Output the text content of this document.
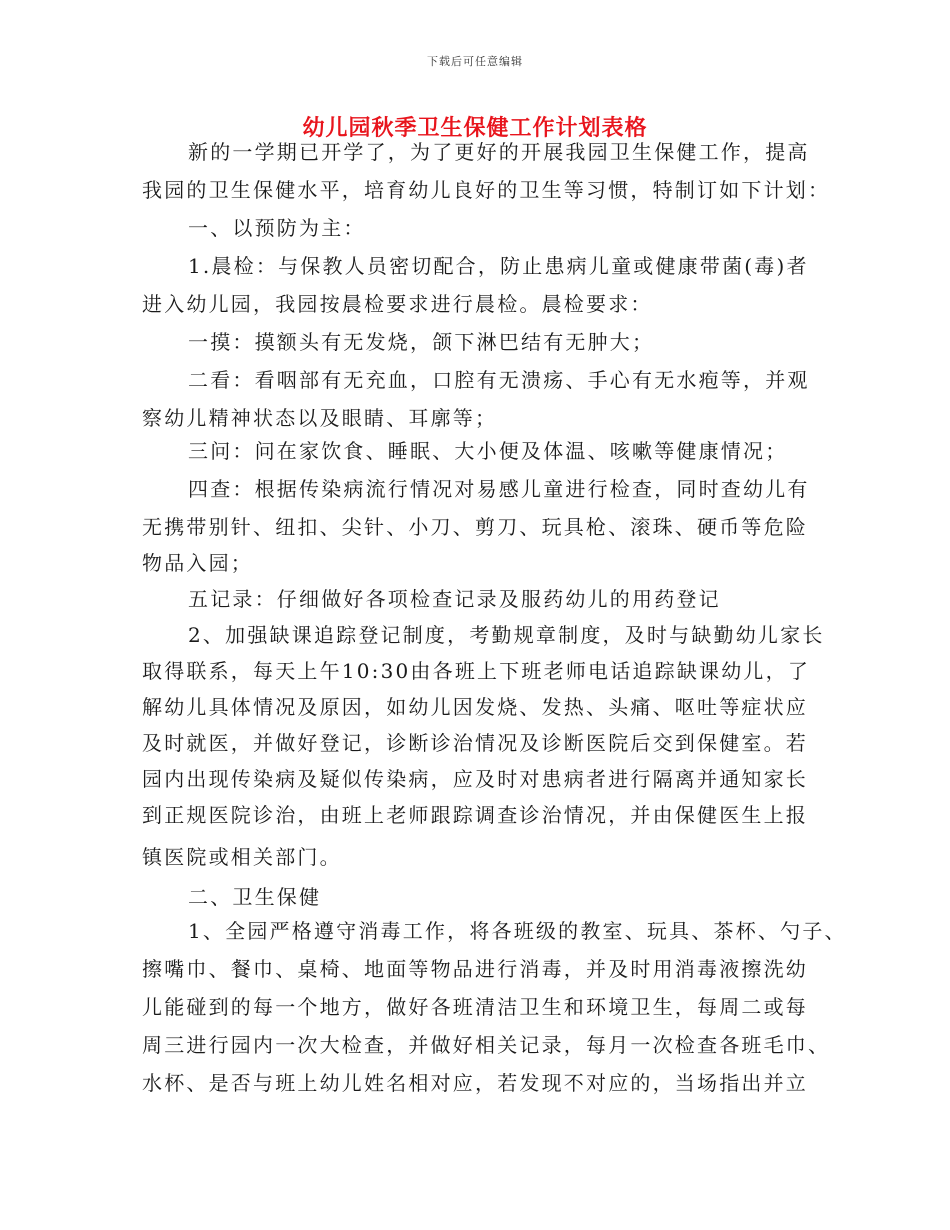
下载后可任意编辑
幼儿园秋季卫生保健工作计划表格
新的一学期已开学了，为了更好的开展我园卫生保健工作，提高
我园的卫生保健水平，培育幼儿良好的卫生等习惯，特制订如下计划：
一、以预防为主：
1.晨检：与保教人员密切配合，防止患病儿童或健康带菌(毒)者
进入幼儿园，我园按晨检要求进行晨检。晨检要求：
一摸：摸额头有无发烧，颌下淋巴结有无肿大；
二看：看咽部有无充血，口腔有无溃疡、手心有无水疱等，并观
察幼儿精神状态以及眼睛、耳廓等；
三问：问在家饮食、睡眠、大小便及体温、咳嗽等健康情况；
四查：根据传染病流行情况对易感儿童进行检查，同时查幼儿有
无携带别针、纽扣、尖针、小刀、剪刀、玩具枪、滚珠、硬币等危险
物品入园；
五记录：仔细做好各项检查记录及服药幼儿的用药登记
2、加强缺课追踪登记制度，考勤规章制度，及时与缺勤幼儿家长
取得联系，每天上午10:30由各班上下班老师电话追踪缺课幼儿，了
解幼儿具体情况及原因，如幼儿因发烧、发热、头痛、呕吐等症状应
及时就医，并做好登记，诊断诊治情况及诊断医院后交到保健室。若
园内出现传染病及疑似传染病，应及时对患病者进行隔离并通知家长
到正规医院诊治，由班上老师跟踪调查诊治情况，并由保健医生上报
镇医院或相关部门。
二、卫生保健
1、全园严格遵守消毒工作，将各班级的教室、玩具、茶杯、勺子、
擦嘴巾、餐巾、桌椅、地面等物品进行消毒，并及时用消毒液擦洗幼
儿能碰到的每一个地方，做好各班清洁卫生和环境卫生，每周二或每
周三进行园内一次大检查，并做好相关记录，每月一次检查各班毛巾、
水杯、是否与班上幼儿姓名相对应，若发现不对应的，当场指出并立
